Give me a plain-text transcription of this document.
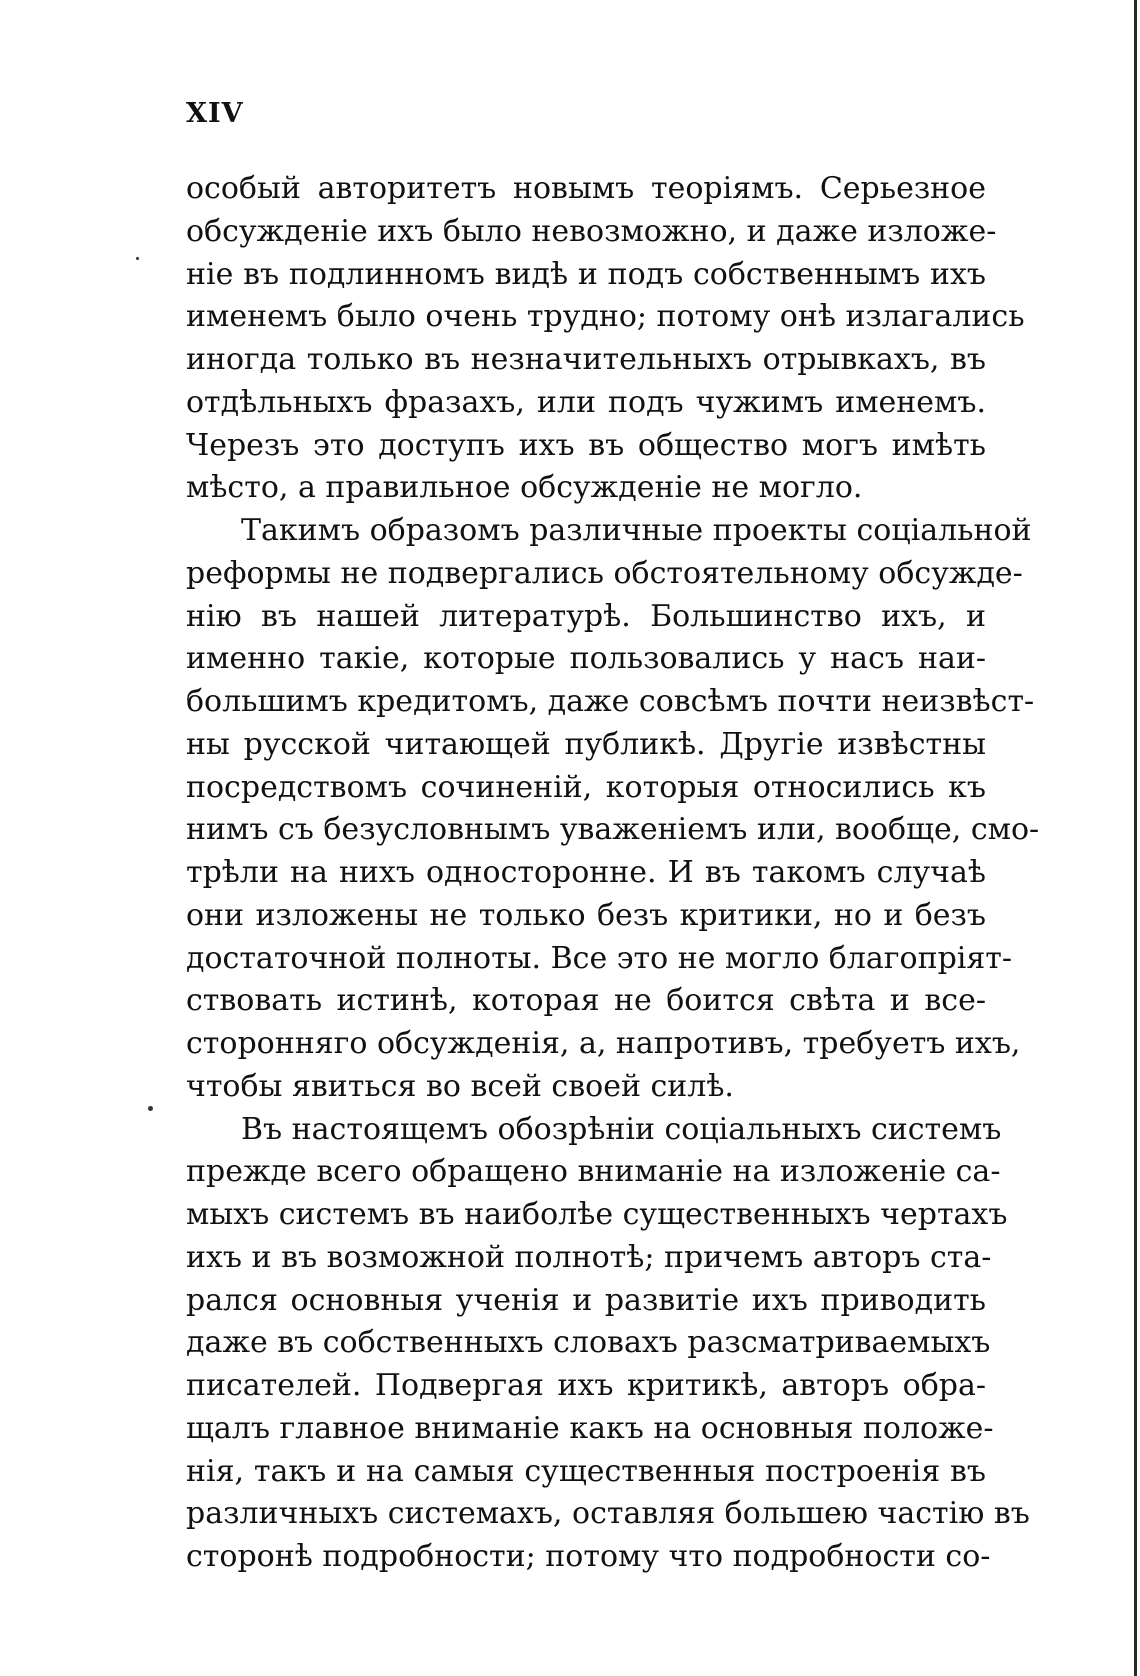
XIV
особый авторитетъ новымъ теоріямъ. Серьезное
обсужденіе ихъ было невозможно, и даже изложе-
ніе въ подлинномъ видѣ и подъ собственнымъ ихъ
именемъ было очень трудно; потому онѣ излагались
иногда только въ незначительныхъ отрывкахъ, въ
отдѣльныхъ фразахъ, или подъ чужимъ именемъ.
Черезъ это доступъ ихъ въ общество могъ имѣть
мѣсто, а правильное обсужденіе не могло.
Такимъ образомъ различные проекты соціальной
реформы не подвергались обстоятельному обсужде-
нію въ нашей литературѣ. Большинство ихъ, и
именно такіе, которые пользовались у насъ наи-
большимъ кредитомъ, даже совсѣмъ почти неизвѣст-
ны русской читающей публикѣ. Другіе извѣстны
посредствомъ сочиненій, которыя относились къ
нимъ съ безусловнымъ уваженіемъ или, вообще, смо-
трѣли на нихъ односторонне. И въ такомъ случаѣ
они изложены не только безъ критики, но и безъ
достаточной полноты. Все это не могло благопріят-
ствовать истинѣ, которая не боится свѣта и все-
сторонняго обсужденія, а, напротивъ, требуетъ ихъ,
чтобы явиться во всей своей силѣ.
Въ настоящемъ обозрѣніи соціальныхъ системъ
прежде всего обращено вниманіе на изложеніе са-
мыхъ системъ въ наиболѣе существенныхъ чертахъ
ихъ и въ возможной полнотѣ; причемъ авторъ ста-
рался основныя ученія и развитіе ихъ приводить
даже въ собственныхъ словахъ разсматриваемыхъ
писателей. Подвергая ихъ критикѣ, авторъ обра-
щалъ главное вниманіе какъ на основныя положе-
нія, такъ и на самыя существенныя построенія въ
различныхъ системахъ, оставляя большею частію въ
сторонѣ подробности; потому что подробности со-
